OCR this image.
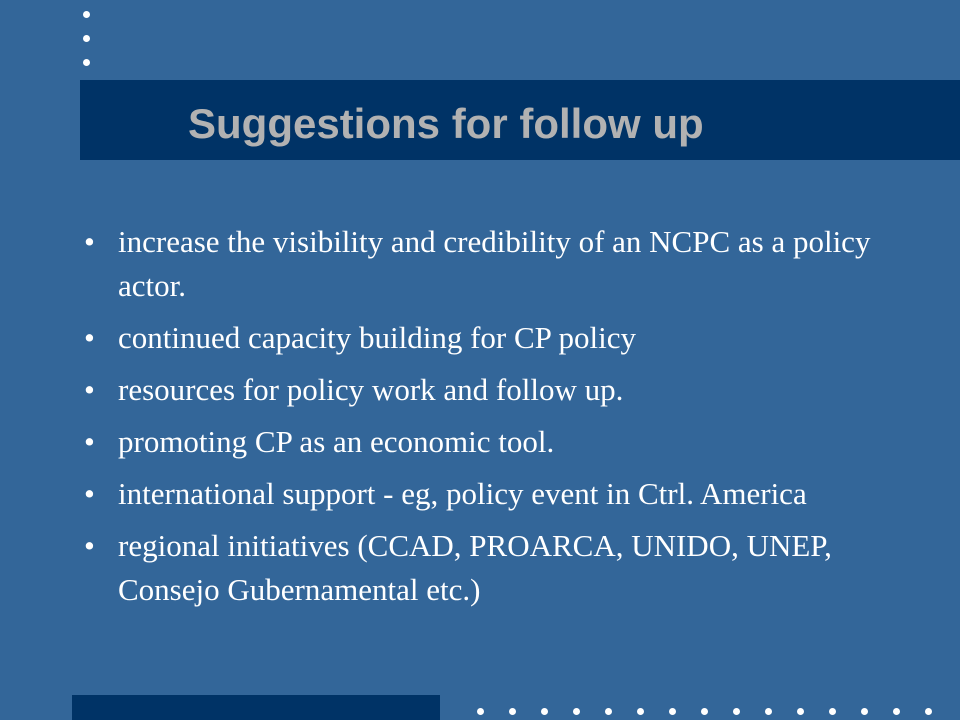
Suggestions for follow up
• increase the visibility and credibility of an NCPC as a policy actor.
• continued capacity building for CP policy
• resources for policy work and follow up.
• promoting CP as an economic tool.
• international support - eg, policy event in Ctrl. America
• regional initiatives (CCAD, PROARCA, UNIDO, UNEP, Consejo Gubernamental etc.)
